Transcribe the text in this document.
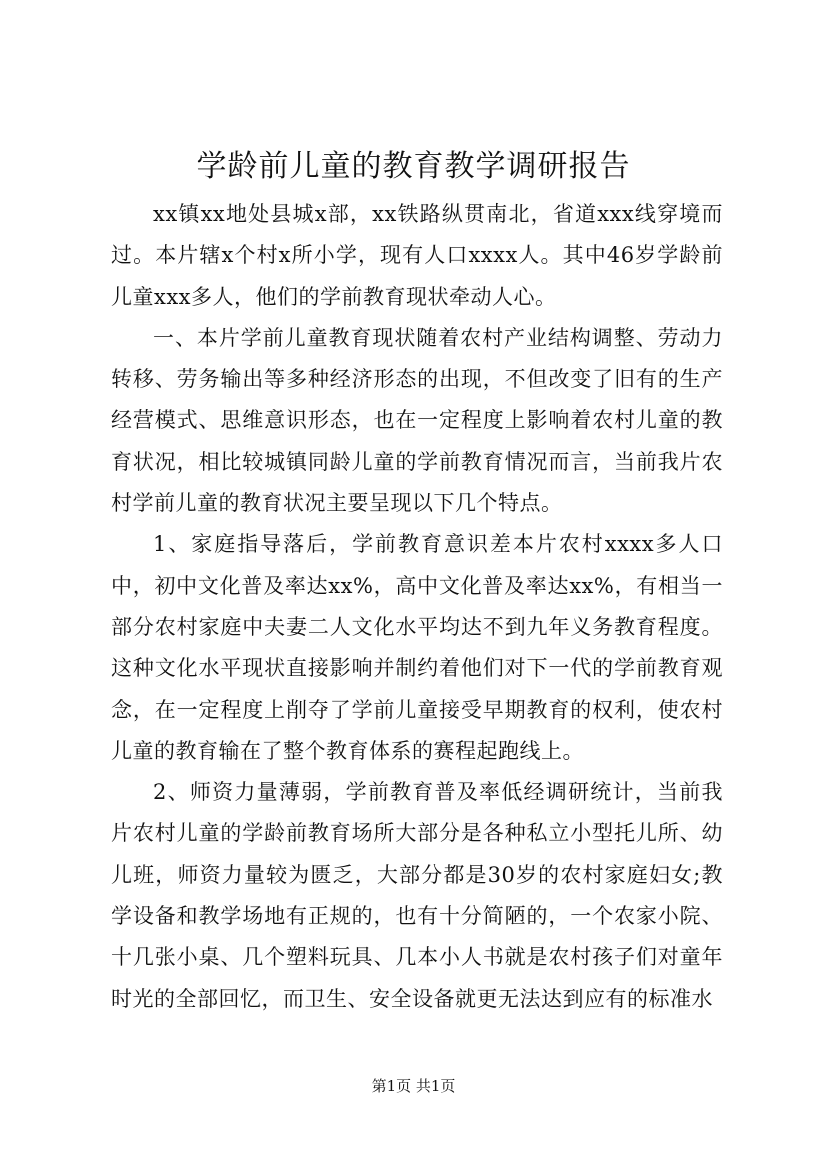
学龄前儿童的教育教学调研报告

xx镇xx地处县城x部，xx铁路纵贯南北，省道xxx线穿境而过。本片辖x个村x所小学，现有人口xxxx人。其中46岁学龄前儿童xxx多人，他们的学前教育现状牵动人心。

一、本片学前儿童教育现状随着农村产业结构调整、劳动力转移、劳务输出等多种经济形态的出现，不但改变了旧有的生产经营模式、思维意识形态，也在一定程度上影响着农村儿童的教育状况，相比较城镇同龄儿童的学前教育情况而言，当前我片农村学前儿童的教育状况主要呈现以下几个特点。

1、家庭指导落后，学前教育意识差本片农村xxxx多人口中，初中文化普及率达xx%，高中文化普及率达xx%，有相当一部分农村家庭中夫妻二人文化水平均达不到九年义务教育程度。这种文化水平现状直接影响并制约着他们对下一代的学前教育观念，在一定程度上削夺了学前儿童接受早期教育的权利，使农村儿童的教育输在了整个教育体系的赛程起跑线上。

2、师资力量薄弱，学前教育普及率低经调研统计，当前我片农村儿童的学龄前教育场所大部分是各种私立小型托儿所、幼儿班，师资力量较为匮乏，大部分都是30岁的农村家庭妇女;教学设备和教学场地有正规的，也有十分简陋的，一个农家小院、十几张小桌、几个塑料玩具、几本小人书就是农村孩子们对童年时光的全部回忆，而卫生、安全设备就更无法达到应有的标准水

第1页 共1页
